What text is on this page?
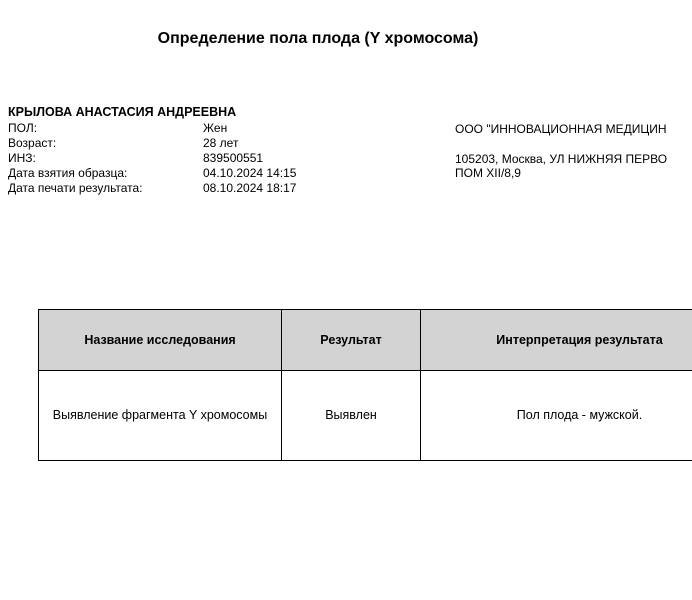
Определение пола плода (Y хромосома)
КРЫЛОВА АНАСТАСИЯ АНДРЕЕВНА
ПОЛ:	Жен
Возраст:	28 лет
ИНЗ:	839500551
Дата взятия образца:	04.10.2024 14:15
Дата печати результата:	08.10.2024 18:17
ООО "ИННОВАЦИОННАЯ МЕДИЦИН
105203, Москва, УЛ НИЖНЯЯ ПЕРВО
ПОМ XII/8,9
Название исследования	Результат	Интерпретация результата
Выявление фрагмента Y хромосомы	Выявлен	Пол плода - мужской.
